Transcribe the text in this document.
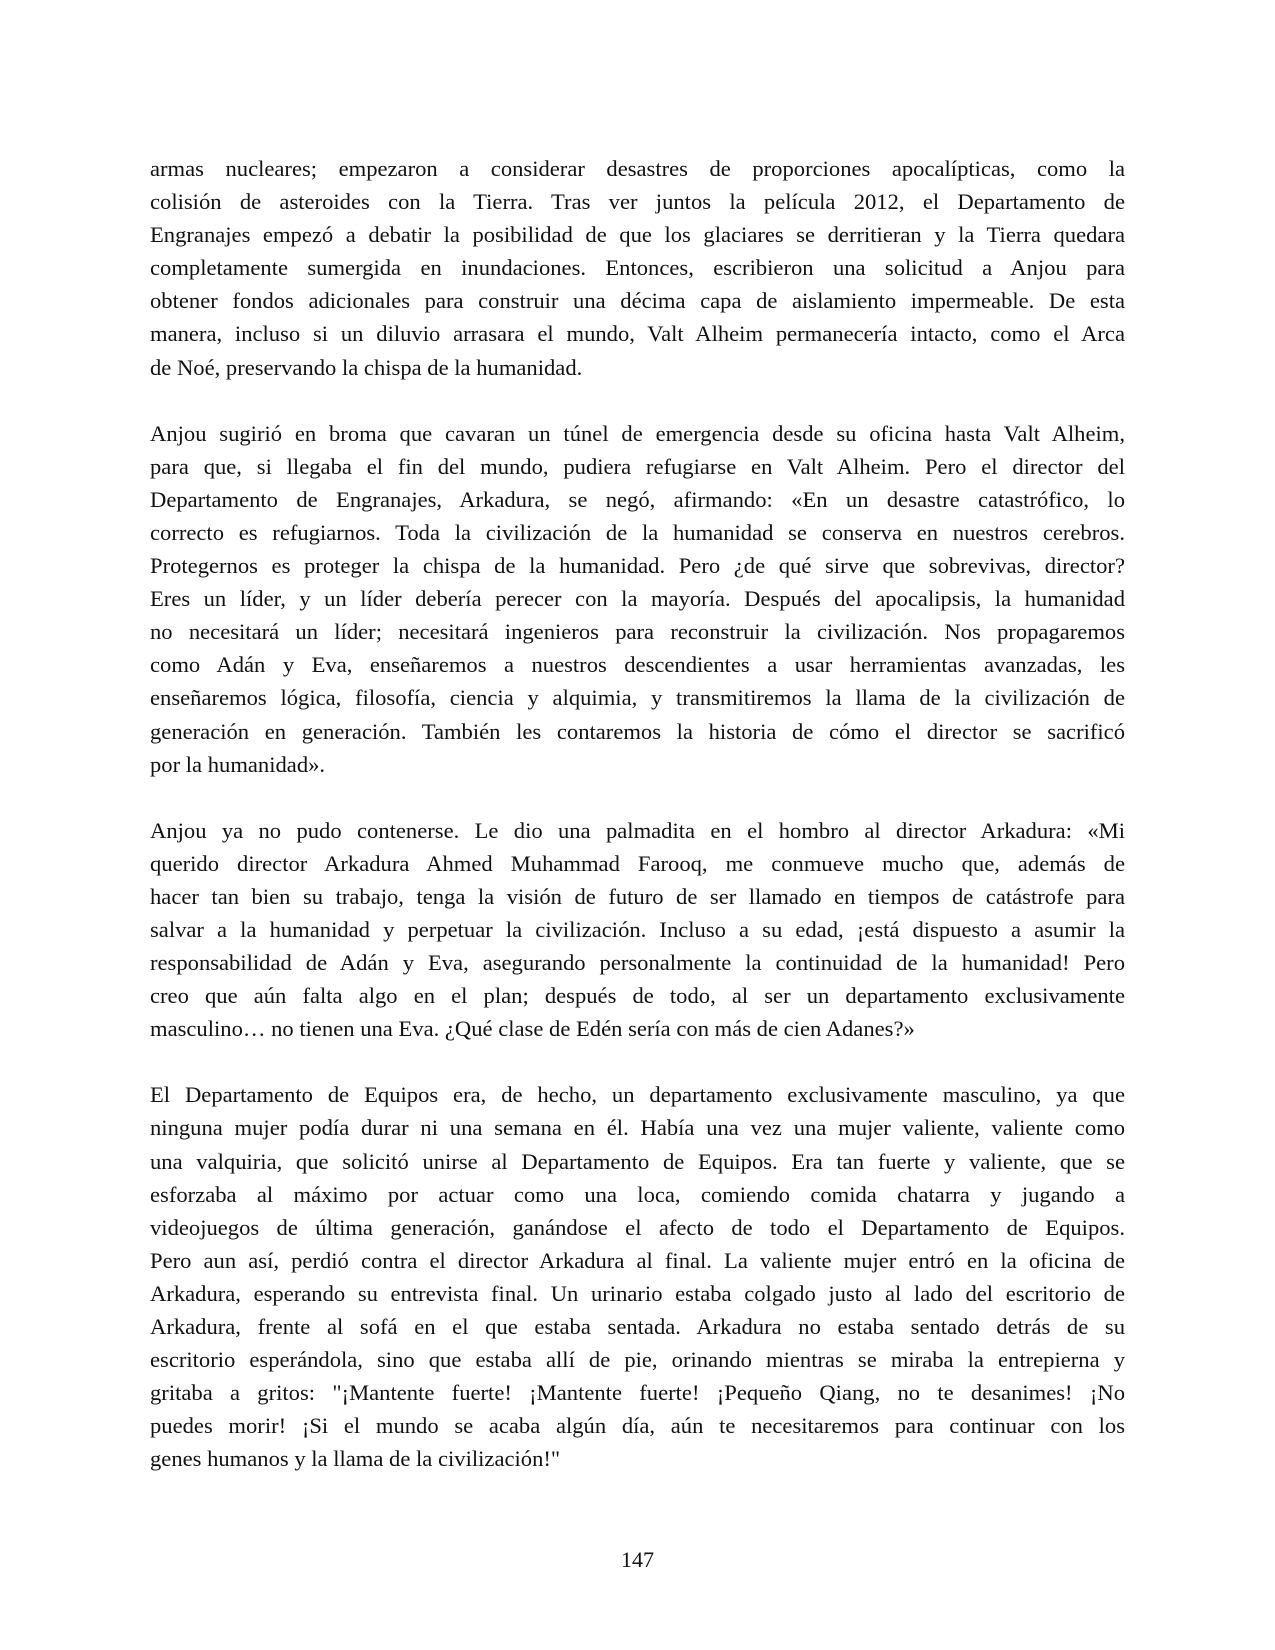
armas nucleares; empezaron a considerar desastres de proporciones apocalípticas, como la
colisión de asteroides con la Tierra. Tras ver juntos la película 2012, el Departamento de
Engranajes empezó a debatir la posibilidad de que los glaciares se derritieran y la Tierra quedara
completamente sumergida en inundaciones. Entonces, escribieron una solicitud a Anjou para
obtener fondos adicionales para construir una décima capa de aislamiento impermeable. De esta
manera, incluso si un diluvio arrasara el mundo, Valt Alheim permanecería intacto, como el Arca
de Noé, preservando la chispa de la humanidad.

Anjou sugirió en broma que cavaran un túnel de emergencia desde su oficina hasta Valt Alheim,
para que, si llegaba el fin del mundo, pudiera refugiarse en Valt Alheim. Pero el director del
Departamento de Engranajes, Arkadura, se negó, afirmando: «En un desastre catastrófico, lo
correcto es refugiarnos. Toda la civilización de la humanidad se conserva en nuestros cerebros.
Protegernos es proteger la chispa de la humanidad. Pero ¿de qué sirve que sobrevivas, director?
Eres un líder, y un líder debería perecer con la mayoría. Después del apocalipsis, la humanidad
no necesitará un líder; necesitará ingenieros para reconstruir la civilización. Nos propagaremos
como Adán y Eva, enseñaremos a nuestros descendientes a usar herramientas avanzadas, les
enseñaremos lógica, filosofía, ciencia y alquimia, y transmitiremos la llama de la civilización de
generación en generación. También les contaremos la historia de cómo el director se sacrificó
por la humanidad».

Anjou ya no pudo contenerse. Le dio una palmadita en el hombro al director Arkadura: «Mi
querido director Arkadura Ahmed Muhammad Farooq, me conmueve mucho que, además de
hacer tan bien su trabajo, tenga la visión de futuro de ser llamado en tiempos de catástrofe para
salvar a la humanidad y perpetuar la civilización. Incluso a su edad, ¡está dispuesto a asumir la
responsabilidad de Adán y Eva, asegurando personalmente la continuidad de la humanidad! Pero
creo que aún falta algo en el plan; después de todo, al ser un departamento exclusivamente
masculino… no tienen una Eva. ¿Qué clase de Edén sería con más de cien Adanes?»

El Departamento de Equipos era, de hecho, un departamento exclusivamente masculino, ya que
ninguna mujer podía durar ni una semana en él. Había una vez una mujer valiente, valiente como
una valquiria, que solicitó unirse al Departamento de Equipos. Era tan fuerte y valiente, que se
esforzaba al máximo por actuar como una loca, comiendo comida chatarra y jugando a
videojuegos de última generación, ganándose el afecto de todo el Departamento de Equipos.
Pero aun así, perdió contra el director Arkadura al final. La valiente mujer entró en la oficina de
Arkadura, esperando su entrevista final. Un urinario estaba colgado justo al lado del escritorio de
Arkadura, frente al sofá en el que estaba sentada. Arkadura no estaba sentado detrás de su
escritorio esperándola, sino que estaba allí de pie, orinando mientras se miraba la entrepierna y
gritaba a gritos: "¡Mantente fuerte! ¡Mantente fuerte! ¡Pequeño Qiang, no te desanimes! ¡No
puedes morir! ¡Si el mundo se acaba algún día, aún te necesitaremos para continuar con los
genes humanos y la llama de la civilización!"

147
